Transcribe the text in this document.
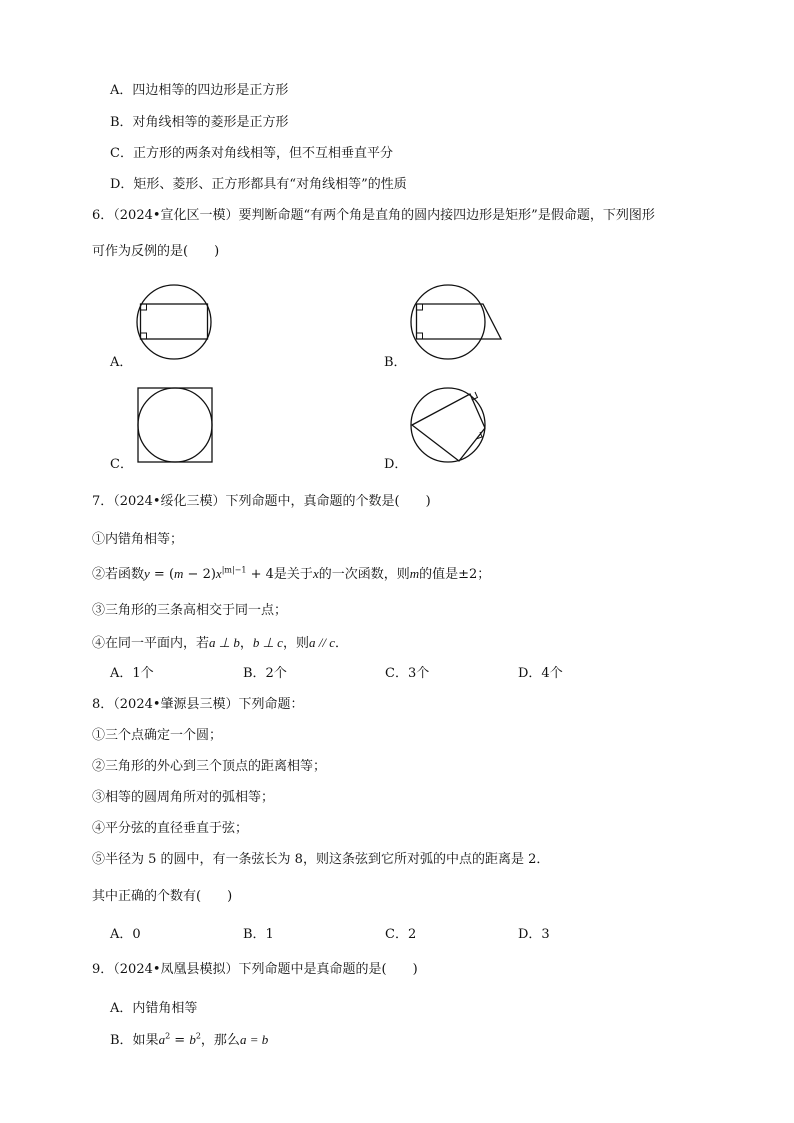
A．四边相等的四边形是正方形
B．对角线相等的菱形是正方形
C．正方形的两条对角线相等，但不互相垂直平分
D．矩形、菱形、正方形都具有“对角线相等”的性质
6．（2024•宣化区一模）要判断命题“有两个角是直角的圆内接四边形是矩形”是假命题，下列图形
可作为反例的是(　　)
A．	B．
C．	D．
7．（2024•绥化三模）下列命题中，真命题的个数是(　　)
①内错角相等；
②若函数$y = (m - 2)x^{|m|-1} + 4$是关于x的一次函数，则m的值是±2；
③三角形的三条高相交于同一点；
④在同一平面内，若a ⊥ b，b ⊥ c，则a // c．
A．1个	B．2个	C．3个	D．4个
8．（2024•肇源县三模）下列命题：
①三个点确定一个圆；
②三角形的外心到三个顶点的距离相等；
③相等的圆周角所对的弧相等；
④平分弦的直径垂直于弦；
⑤半径为 5 的圆中，有一条弦长为 8，则这条弦到它所对弧的中点的距离是 2．
其中正确的个数有(　　)
A．0	B．1	C．2	D．3
9．（2024•凤凰县模拟）下列命题中是真命题的是(　　)
A．内错角相等
B．如果$a^2 = b^2$，那么a = b
